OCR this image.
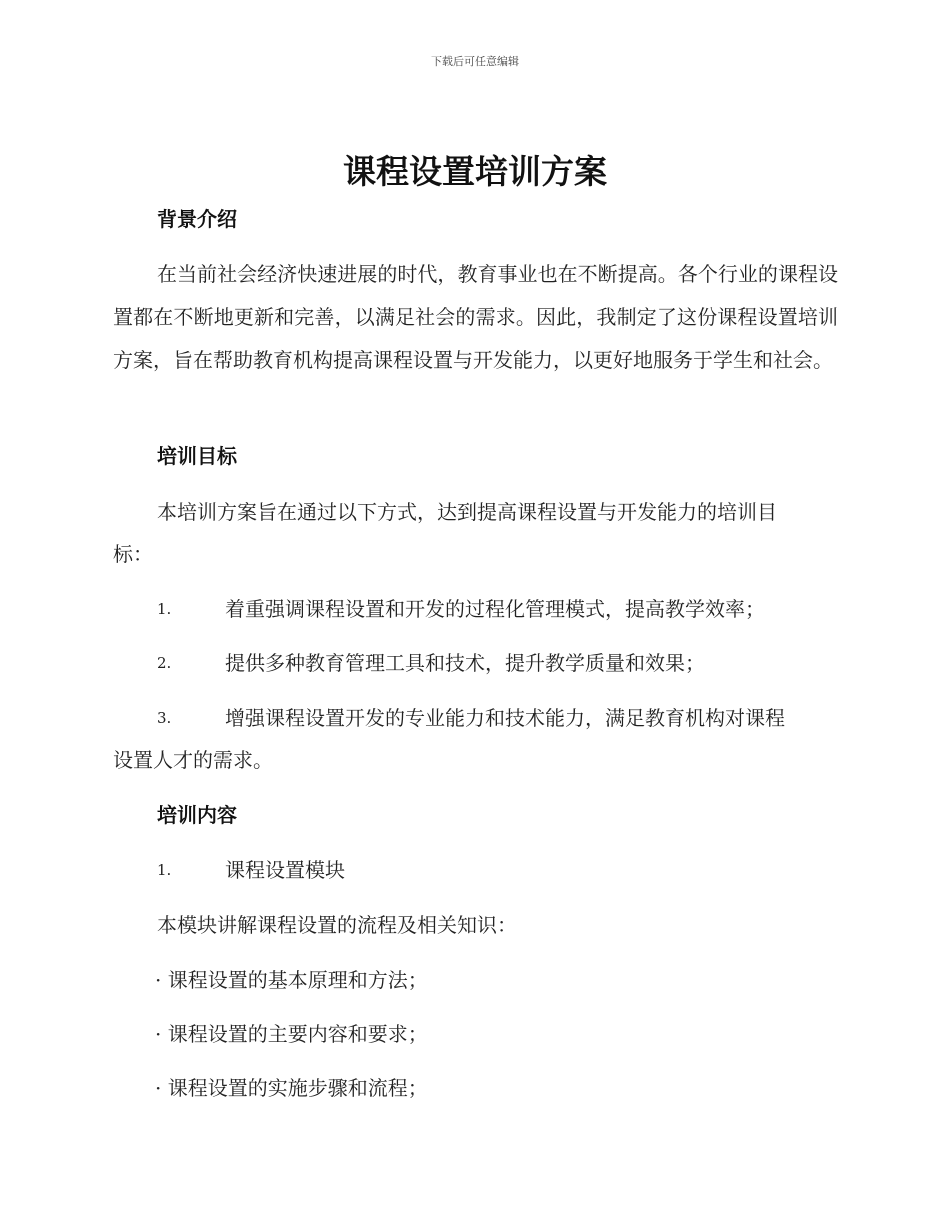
下载后可任意编辑
课程设置培训方案
背景介绍

在当前社会经济快速进展的时代，教育事业也在不断提高。各个行业的课程设置都在不断地更新和完善，以满足社会的需求。因此，我制定了这份课程设置培训方案，旨在帮助教育机构提高课程设置与开发能力，以更好地服务于学生和社会。

培训目标

本培训方案旨在通过以下方式，达到提高课程设置与开发能力的培训目

标：

1.	着重强调课程设置和开发的过程化管理模式，提高教学效率；
2.	提供多种教育管理工具和技术，提升教学质量和效果；
3.	增强课程设置开发的专业能力和技术能力，满足教育机构对课程
设置人才的需求。
培训内容
1.	课程设置模块

本模块讲解课程设置的流程及相关知识：

· 课程设置的基本原理和方法；

· 课程设置的主要内容和要求；

· 课程设置的实施步骤和流程；
